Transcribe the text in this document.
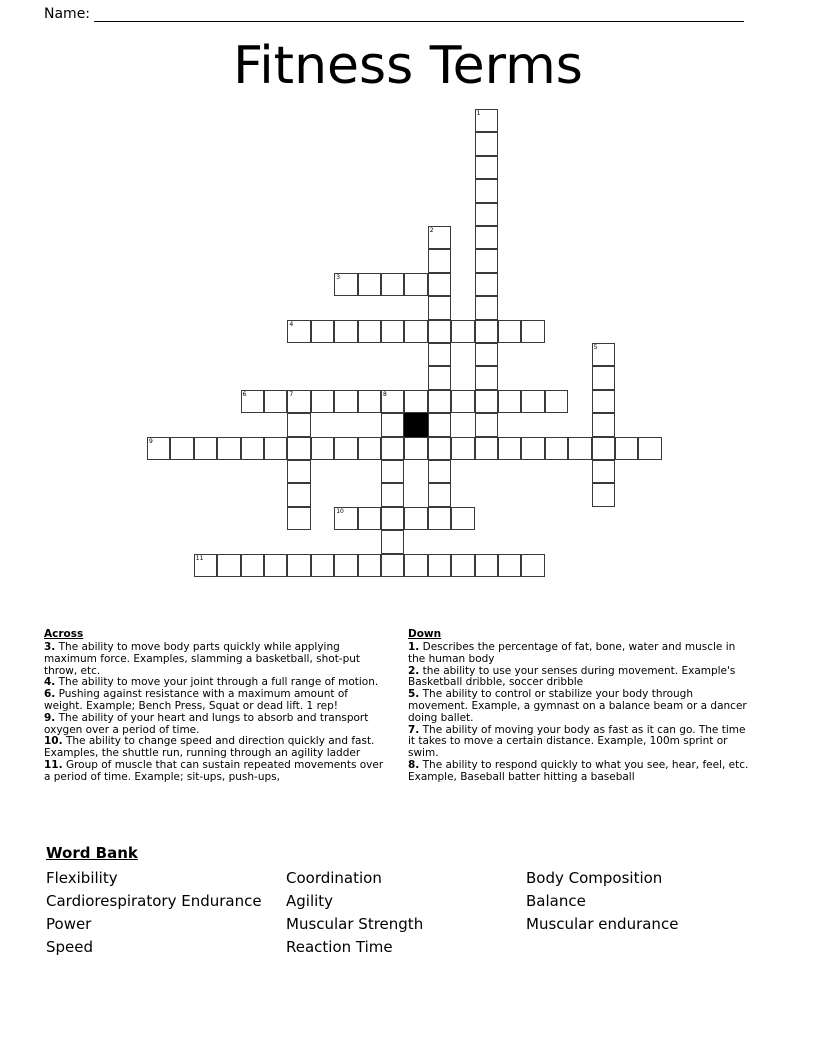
Name:
Fitness Terms
1
2
3
4
5
6	7	8
9
10
11
Across

3. The ability to move body parts quickly while applying maximum force. Examples, slamming a basketball, shot-put throw, etc.

4. The ability to move your joint through a full range of motion.

6. Pushing against resistance with a maximum amount of weight. Example; Bench Press, Squat or dead lift. 1 rep!

9. The ability of your heart and lungs to absorb and transport oxygen over a period of time.

10. The ability to change speed and direction quickly and fast. Examples, the shuttle run, running through an agility ladder

11. Group of muscle that can sustain repeated movements over a period of time. Example; sit-ups, push-ups,

Down

1. Describes the percentage of fat, bone, water and muscle in the human body

2. the ability to use your senses during movement. Example's Basketball dribble, soccer dribble

5. The ability to control or stabilize your body through movement. Example, a gymnast on a balance beam or a dancer doing ballet.

7. The ability of moving your body as fast as it can go. The time it takes to move a certain distance. Example, 100m sprint or swim.

8. The ability to respond quickly to what you see, hear, feel, etc. Example, Baseball batter hitting a baseball

Word Bank
Flexibility	Coordination	Body Composition
Cardiorespiratory Endurance	Agility	Balance
Power	Muscular Strength	Muscular endurance
Speed	Reaction Time
